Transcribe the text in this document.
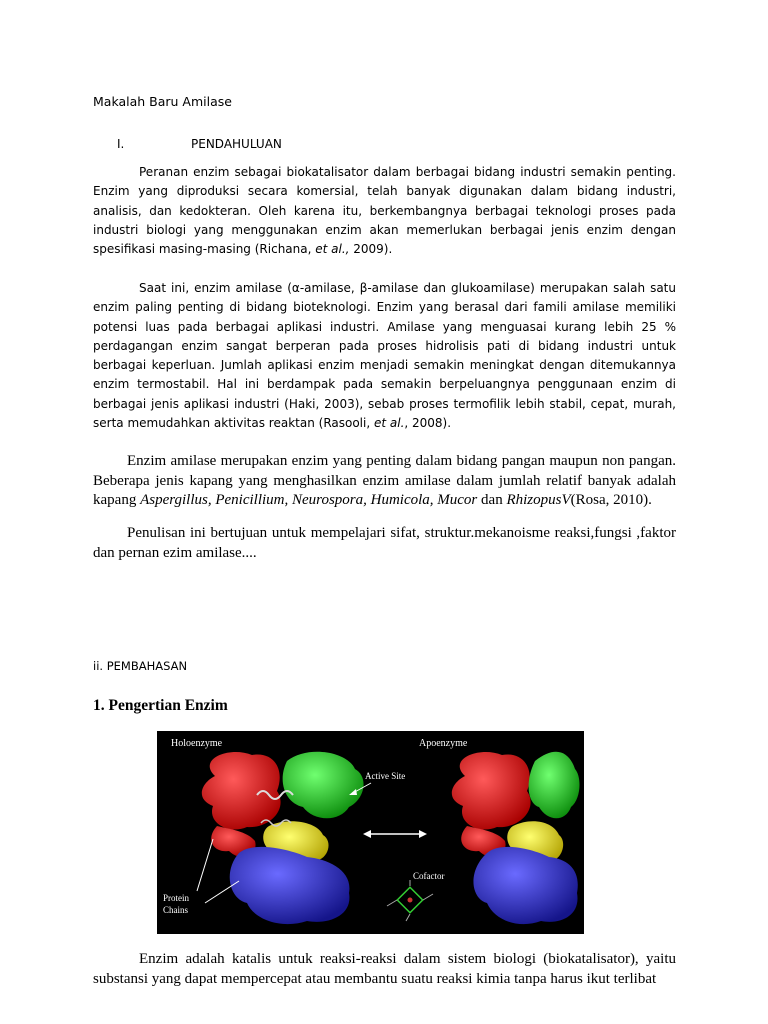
Makalah Baru Amilase
I.	PENDAHULUAN

Peranan enzim sebagai biokatalisator dalam berbagai bidang industri semakin penting. Enzim yang diproduksi secara komersial, telah banyak digunakan dalam bidang industri, analisis, dan kedokteran. Oleh karena itu, berkembangnya berbagai teknologi proses pada industri biologi yang menggunakan enzim akan memerlukan berbagai jenis enzim dengan spesifikasi masing-masing (Richana, et al., 2009).

Saat ini, enzim amilase (α-amilase, β-amilase dan glukoamilase) merupakan salah satu enzim paling penting di bidang bioteknologi. Enzim yang berasal dari famili amilase memiliki potensi luas pada berbagai aplikasi industri. Amilase yang menguasai kurang lebih 25 % perdagangan enzim sangat berperan pada proses hidrolisis pati di bidang industri untuk berbagai keperluan. Jumlah aplikasi enzim menjadi semakin meningkat dengan ditemukannya enzim termostabil. Hal ini berdampak pada semakin berpeluangnya penggunaan enzim di berbagai jenis aplikasi industri (Haki, 2003), sebab proses termofilik lebih stabil, cepat, murah, serta memudahkan aktivitas reaktan (Rasooli, et al., 2008).

Enzim amilase merupakan enzim yang penting dalam bidang pangan maupun non pangan. Beberapa jenis kapang yang menghasilkan enzim amilase dalam jumlah relatif banyak adalah kapang Aspergillus, Penicillium, Neurospora, Humicola, Mucor dan RhizopusV(Rosa, 2010).

Penulisan ini bertujuan untuk mempelajari sifat, struktur.mekanoisme reaksi,fungsi ,faktor dan pernan ezim amilase....

ii. PEMBAHASAN
1. Pengertian Enzim
Holoenzyme	Apoenzyme
Active Site
Protein
Chains
Cofactor

Enzim adalah katalis untuk reaksi-reaksi dalam sistem biologi (biokatalisator), yaitu substansi yang dapat mempercepat atau membantu suatu reaksi kimia tanpa harus ikut terlibat
